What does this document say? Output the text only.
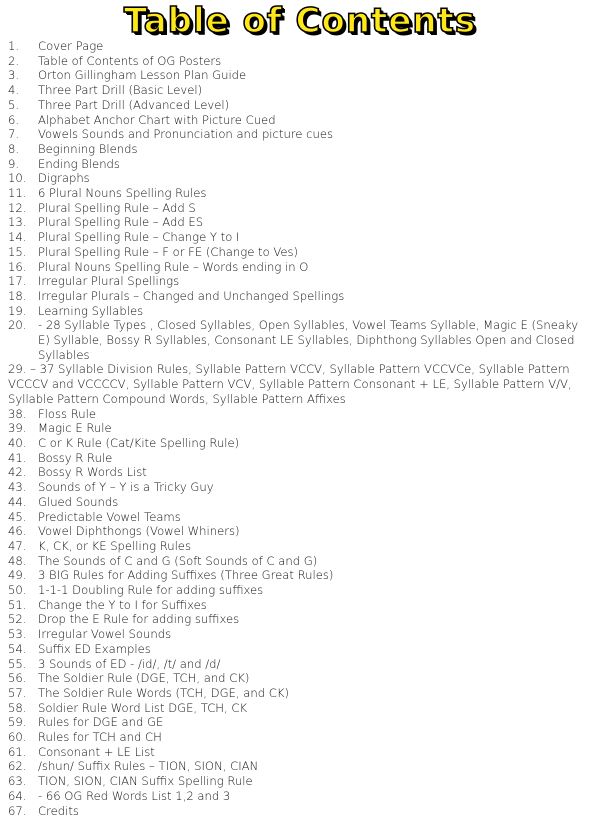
Table of Contents
1.	Cover Page
2.	Table of Contents of OG Posters
3.	Orton Gillingham Lesson Plan Guide
4.	Three Part Drill (Basic Level)
5.	Three Part Drill (Advanced Level)
6.	Alphabet Anchor Chart with Picture Cued
7.	Vowels Sounds and Pronunciation and picture cues
8.	Beginning Blends
9.	Ending Blends
10. Digraphs
11. 6 Plural Nouns Spelling Rules
12. Plural Spelling Rule – Add S
13. Plural Spelling Rule – Add ES
14. Plural Spelling Rule – Change Y to I
15. Plural Spelling Rule – F or FE (Change to Ves)
16. Plural Nouns Spelling Rule – Words ending in O
17. Irregular Plural Spellings
18. Irregular Plurals – Changed and Unchanged Spellings
19. Learning Syllables
20. - 28 Syllable Types , Closed Syllables, Open Syllables, Vowel Teams Syllable, Magic E (Sneaky E) Syllable, Bossy R Syllables, Consonant LE Syllables, Diphthong Syllables Open and Closed Syllables
29. – 37 Syllable Division Rules, Syllable Pattern VCCV, Syllable Pattern VCCVCe, Syllable Pattern VCCCV and VCCCCV, Syllable Pattern VCV, Syllable Pattern Consonant + LE, Syllable Pattern V/V, Syllable Pattern Compound Words, Syllable Pattern Affixes
38. Floss Rule
39. Magic E Rule
40. C or K Rule (Cat/Kite Spelling Rule)
41. Bossy R Rule
42. Bossy R Words List
43. Sounds of Y – Y is a Tricky Guy
44. Glued Sounds
45. Predictable Vowel Teams
46. Vowel Diphthongs (Vowel Whiners)
47. K, CK, or KE Spelling Rules
48. The Sounds of C and G (Soft Sounds of C and G)
49. 3 BIG Rules for Adding Suffixes (Three Great Rules)
50. 1-1-1 Doubling Rule for adding suffixes
51. Change the Y to I for Suffixes
52. Drop the E Rule for adding suffixes
53. Irregular Vowel Sounds
54. Suffix ED Examples
55. 3 Sounds of ED - /id/, /t/ and /d/
56. The Soldier Rule (DGE, TCH, and CK)
57. The Soldier Rule Words (TCH, DGE, and CK)
58. Soldier Rule Word List DGE, TCH, CK
59. Rules for DGE and GE
60. Rules for TCH and CH
61. Consonant + LE List
62. /shun/ Suffix Rules – TION, SION, CIAN
63. TION, SION, CIAN Suffix Spelling Rule
64. - 66 OG Red Words List 1,2 and 3
67. Credits
